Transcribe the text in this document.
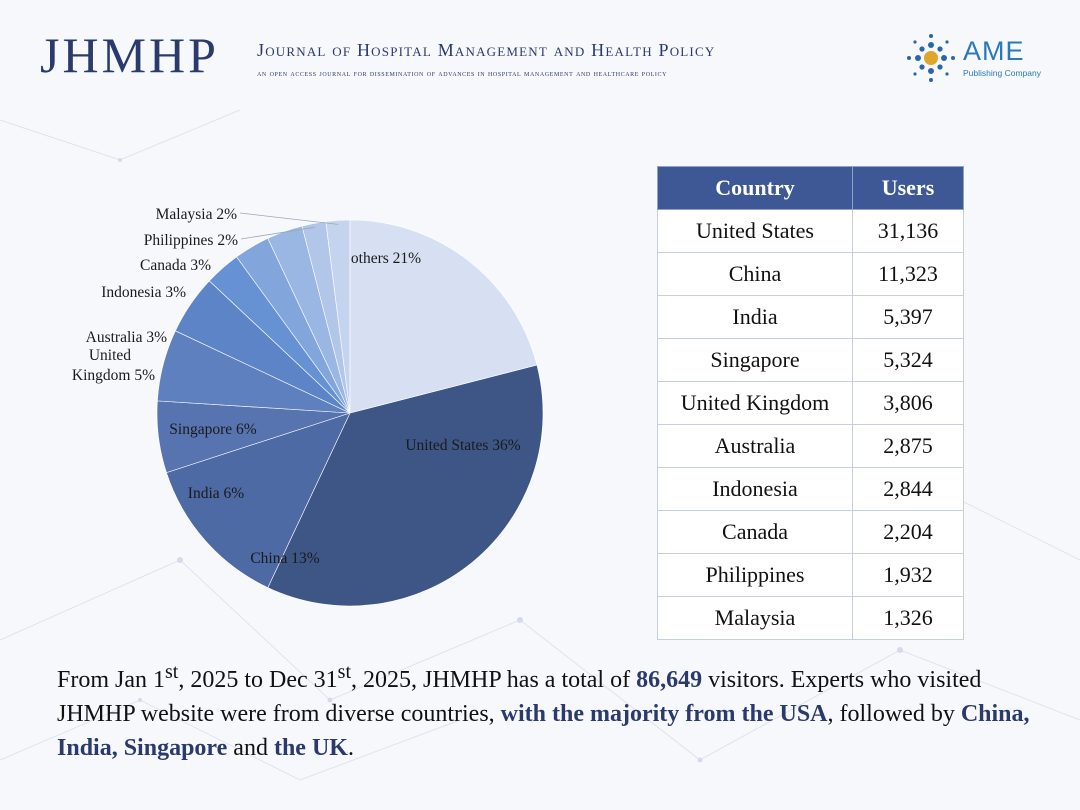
JHMHP Journal of Hospital Management and Health Policy
an open access journal for dissemination of advances in hospital management and healthcare policy
AME
Publishing Company
United States 36%
China 13%
India 6%
Singapore 6%
United Kingdom 5%
Australia 3%
Indonesia 3%
Canada 3%
Philippines 2%
Malaysia 2%
others 21%
Country	Users
United States	31,136
China	11,323
India	5,397
Singapore	5,324
United Kingdom	3,806
Australia	2,875
Indonesia	2,844
Canada	2,204
Philippines	1,932
Malaysia	1,326
From Jan 1st, 2025 to Dec 31st, 2025, JHMHP has a total of 86,649 visitors. Experts who visited JHMHP website were from diverse countries, with the majority from the USA, followed by China, India, Singapore and the UK.
